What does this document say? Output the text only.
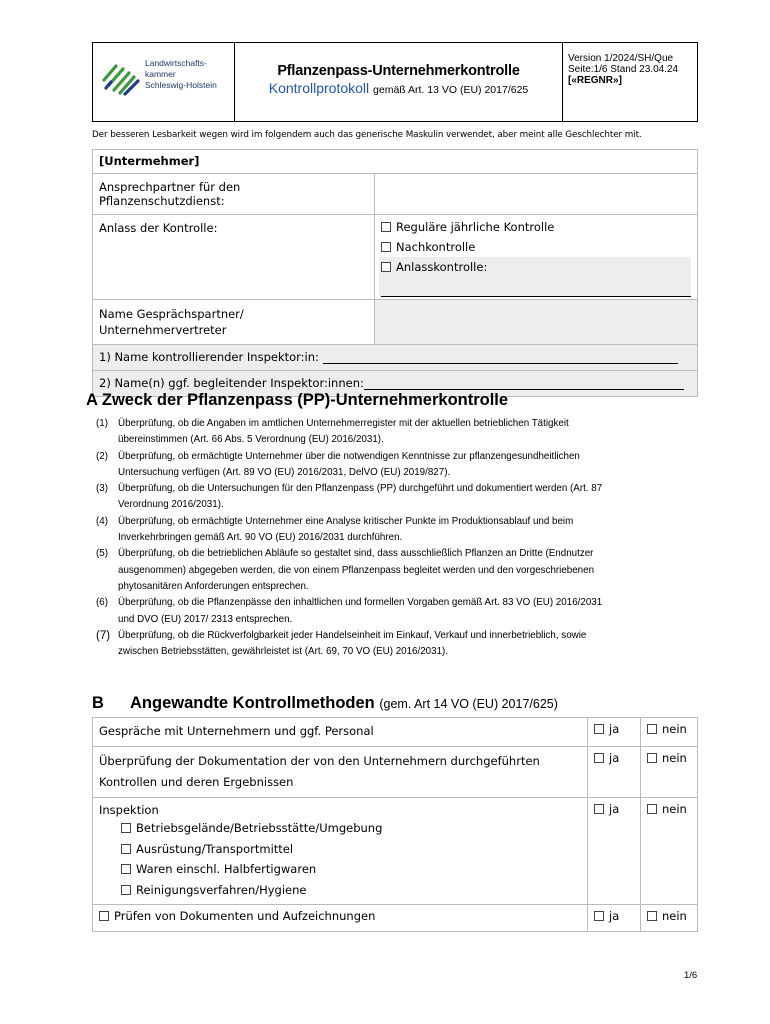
Landwirtschafts-
kammer
Schleswig-Holstein
Pflanzenpass-Unternehmerkontrolle
Kontrollprotokoll gemäß Art. 13 VO (EU) 2017/625
Version 1/2024/SH/Que
Seite:1/6 Stand 23.04.24
[«REGNR»]
Der besseren Lesbarkeit wegen wird im folgendem auch das generische Maskulin verwendet, aber meint alle Geschlechter mit.
[Untermehmer]	
Ansprechpartner für den Pflanzenschutzdienst:	
Anlass der Kontrolle:	Reguläre jährliche Kontrolle
Nachkontrolle
Anlasskontrolle:

Name Gesprächspartner/
Unternehmervertreter	

1) Name kontrollierender Inspektor:in:	
2) Name(n) ggf. begleitender Inspektor:innen:	
A Zweck der Pflanzenpass (PP)-Unternehmerkontrolle
(1)	Überprüfung, ob die Angaben im amtlichen Unternehmerregister mit der aktuellen betrieblichen Tätigkeit
übereinstimmen (Art. 66 Abs. 5 Verordnung (EU) 2016/2031).
(2)	Überprüfung, ob ermächtigte Unternehmer über die notwendigen Kenntnisse zur pflanzengesundheitlichen
Untersuchung verfügen (Art. 89 VO (EU) 2016/2031, DelVO (EU) 2019/827).
(3)	Überprüfung, ob die Untersuchungen für den Pflanzenpass (PP) durchgeführt und dokumentiert werden (Art. 87
Verordnung 2016/2031).
(4)	Überprüfung, ob ermächtigte Unternehmer eine Analyse kritischer Punkte im Produktionsablauf und beim
Inverkehrbringen gemäß Art. 90 VO (EU) 2016/2031 durchführen.
(5)	Überprüfung, ob die betrieblichen Abläufe so gestaltet sind, dass ausschließlich Pflanzen an Dritte (Endnutzer
ausgenommen) abgegeben werden, die von einem Pflanzenpass begleitet werden und den vorgeschriebenen
phytosanitären Anforderungen entsprechen.
(6)	Überprüfung, ob die Pflanzenpässe den inhaltlichen und formellen Vorgaben gemäß Art. 83 VO (EU) 2016/2031
und DVO (EU) 2017/ 2313 entsprechen.
(7) Überprüfung, ob die Rückverfolgbarkeit jeder Handelseinheit im Einkauf, Verkauf und innerbetrieblich, sowie
zwischen Betriebsstätten, gewährleistet ist (Art. 69, 70 VO (EU) 2016/2031).
B Angewandte Kontrollmethoden (gem. Art 14 VO (EU) 2017/625)
Gespräche mit Unternehmern und ggf. Personal	ja	nein

Überprüfung der Dokumentation der von den Unternehmern durchgeführten
Kontrollen und deren Ergebnissen	ja	nein

Inspektion
Betriebsgelände/Betriebsstätte/Umgebung
Ausrüstung/Transportmittel
Waren einschl. Halbfertigwaren
Reinigungsverfahren/Hygiene	ja	nein
Prüfen von Dokumenten und Aufzeichnungen	ja	nein
1/6
